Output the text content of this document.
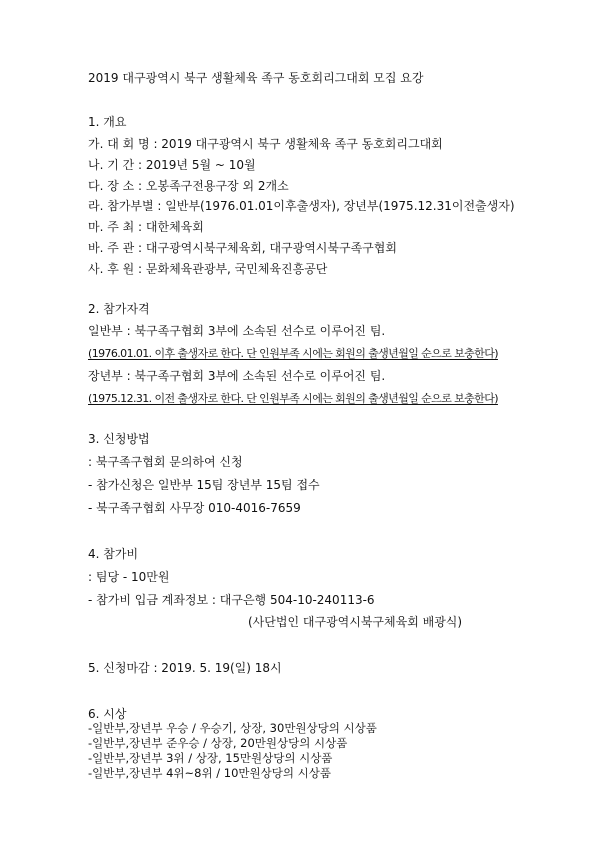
2019 대구광역시 북구 생활체육 족구 동호회리그대회 모집 요강
1. 개요
가. 대 회 명 : 2019 대구광역시 북구 생활체육 족구 동호회리그대회
나. 기 간 : 2019년 5월 ~ 10월
다. 장 소 : 오봉족구전용구장 외 2개소
라. 참가부별 : 일반부(1976.01.01이후출생자), 장년부(1975.12.31이전출생자)
마. 주 최 : 대한체육회
바. 주 관 : 대구광역시북구체육회, 대구광역시북구족구협회
사. 후 원 : 문화체육관광부, 국민체육진흥공단
2. 참가자격
일반부 : 북구족구협회 3부에 소속된 선수로 이루어진 팀.
(1976.01.01. 이후 출생자로 한다. 단 인원부족 시에는 회원의 출생년월일 순으로 보충한다)
장년부 : 북구족구협회 3부에 소속된 선수로 이루어진 팀.
(1975.12.31. 이전 출생자로 한다. 단 인원부족 시에는 회원의 출생년월일 순으로 보충한다)
3. 신청방법
: 북구족구협회 문의하여 신청
- 참가신청은 일반부 15팀 장년부 15팀 접수
- 북구족구협회 사무장 010-4016-7659
4. 참가비
: 팀당 - 10만원
- 참가비 입금 계좌정보 : 대구은행 504-10-240113-6
(사단법인 대구광역시북구체육회 배광식)
5. 신청마감 : 2019. 5. 19(일) 18시
6. 시상
-일반부,장년부 우승 / 우승기, 상장, 30만원상당의 시상품
-일반부,장년부 준우승 / 상장, 20만원상당의 시상품
-일반부,장년부 3위 / 상장, 15만원상당의 시상품
-일반부,장년부 4위~8위 / 10만원상당의 시상품
